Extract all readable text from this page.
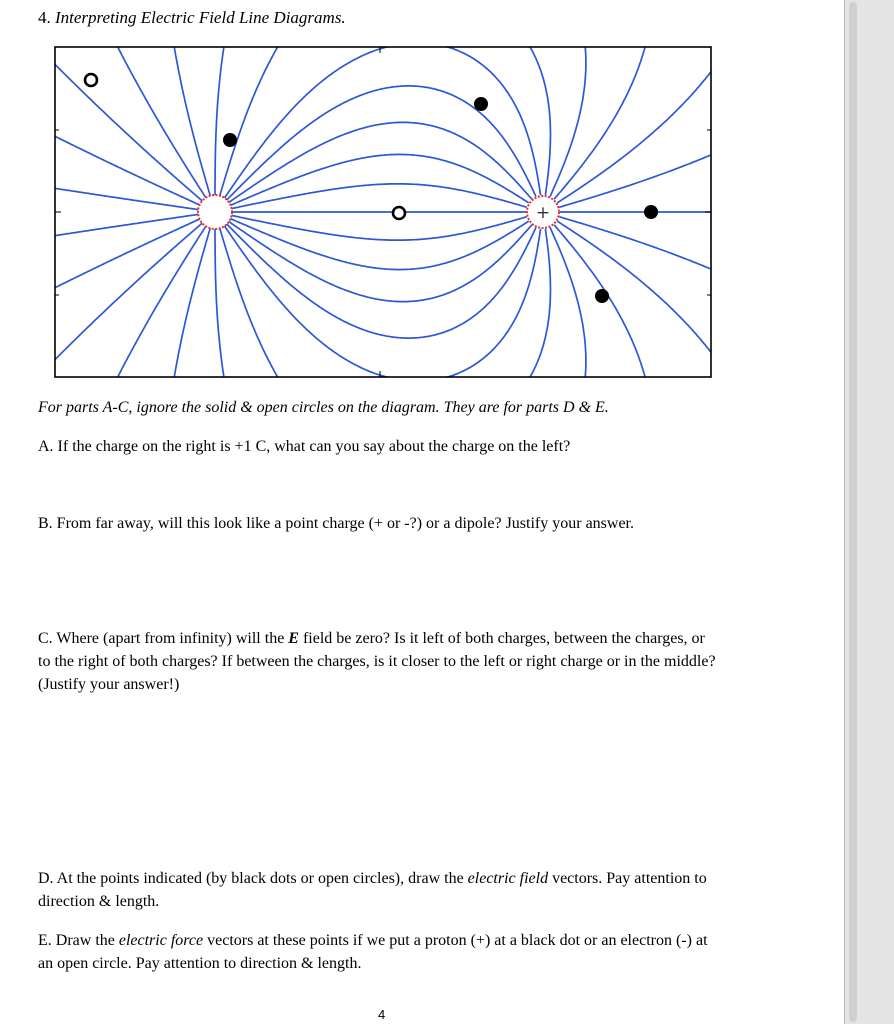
4. Interpreting Electric Field Line Diagrams.
+
For parts A-C, ignore the solid & open circles on the diagram. They are for parts D & E.
A. If the charge on the right is +1 C, what can you say about the charge on the left?
B. From far away, will this look like a point charge (+ or -?) or a dipole? Justify your answer.
C. Where (apart from infinity) will the E field be zero? Is it left of both charges, between the charges, or to the right of both charges? If between the charges, is it closer to the left or right charge or in the middle? (Justify your answer!)
D. At the points indicated (by black dots or open circles), draw the electric field vectors. Pay attention to direction & length.
E. Draw the electric force vectors at these points if we put a proton (+) at a black dot or an electron (-) at an open circle. Pay attention to direction & length.
4
